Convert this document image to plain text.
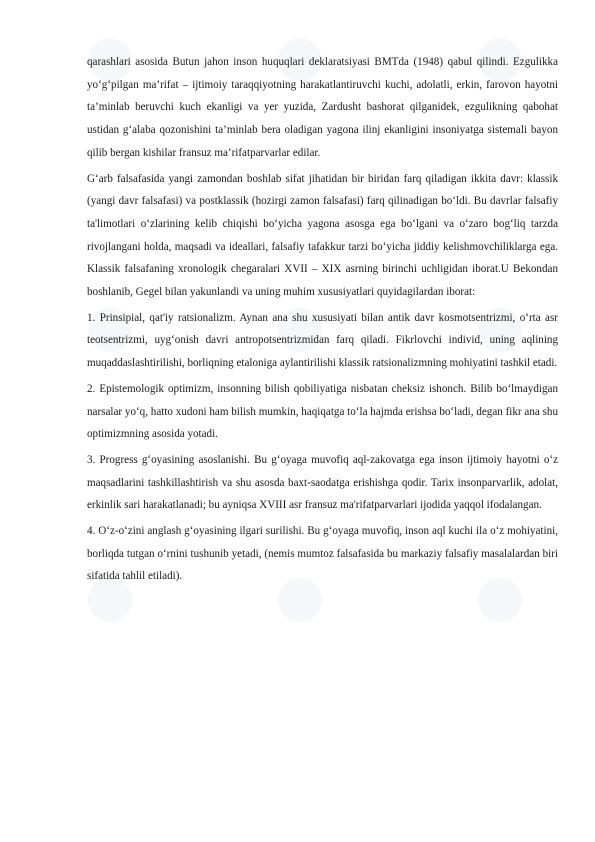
qarashlari asosida Butun jahon inson huquqlari deklaratsiyasi BMTda (1948) qabul qilindi. Ezgulikka yo‘g‘pilgan ma’rifat – ijtimoiy taraqqiyotning harakatlantiruvchi kuchi, adolatli, erkin, farovon hayotni ta’minlab beruvchi kuch ekanligi va yer yuzida, Zardusht bashorat qilganidek, ezgulikning qabohat ustidan g‘alaba qozonishini ta’minlab bera oladigan yagona ilinj ekanligini insoniyatga sistemali bayon qilib bergan kishilar fransuz ma’rifatparvarlar edilar.

G‘arb falsafasida yangi zamondan boshlab sifat jihatidan bir biridan farq qiladigan ikkita davr: klassik (yangi davr falsafasi) va postklassik (hozirgi zamon falsafasi) farq qilinadigan bo‘ldi. Bu davrlar falsafiy ta'limotlari o‘zlarining kelib chiqishi bo‘yicha yagona asosga ega bo‘lgani va o‘zaro bog‘liq tarzda rivojlangani holda, maqsadi va ideallari, falsafiy tafakkur tarzi bo‘yicha jiddiy kelishmovchiliklarga ega. Klassik falsafaning xronologik chegaralari XVII – XIX asrning birinchi uchligidan iborat.U Bekondan boshlanib, Gegel bilan yakunlandi va uning muhim xususiyatlari quyidagilardan iborat:

1. Prinsipial, qat'iy ratsionalizm. Aynan ana shu xususiyati bilan antik davr kosmotsentrizmi, o‘rta asr teotsentrizmi, uyg‘onish davri antropotsentrizmidan farq qiladi. Fikrlovchi individ, uning aqlining muqaddaslashtirilishi, borliqning etaloniga aylantirilishi klassik ratsionalizmning mohiyatini tashkil etadi.

2. Epistemologik optimizm, insonning bilish qobiliyatiga nisbatan cheksiz ishonch. Bilib bo‘lmaydigan narsalar yo‘q, hatto xudoni ham bilish mumkin, haqiqatga to‘la hajmda erishsa bo‘ladi, degan fikr ana shu optimizmning asosida yotadi.

3. Progress g‘oyasining asoslanishi. Bu g‘oyaga muvofiq aql-zakovatga ega inson ijtimoiy hayotni o‘z maqsadlarini tashkillashtirish va shu asosda baxt-saodatga erishishga qodir. Tarix insonparvarlik, adolat, erkinlik sari harakatlanadi; bu ayniqsa XVIII asr fransuz ma'rifatparvarlari ijodida yaqqol ifodalangan.

4. O‘z-o‘zini anglash g‘oyasining ilgari surilishi. Bu g‘oyaga muvofiq, inson aql kuchi ila o‘z mohiyatini, borliqda tutgan o‘rnini tushunib yetadi, (nemis mumtoz falsafasida bu markaziy falsafiy masalalardan biri sifatida tahlil etiladi).
